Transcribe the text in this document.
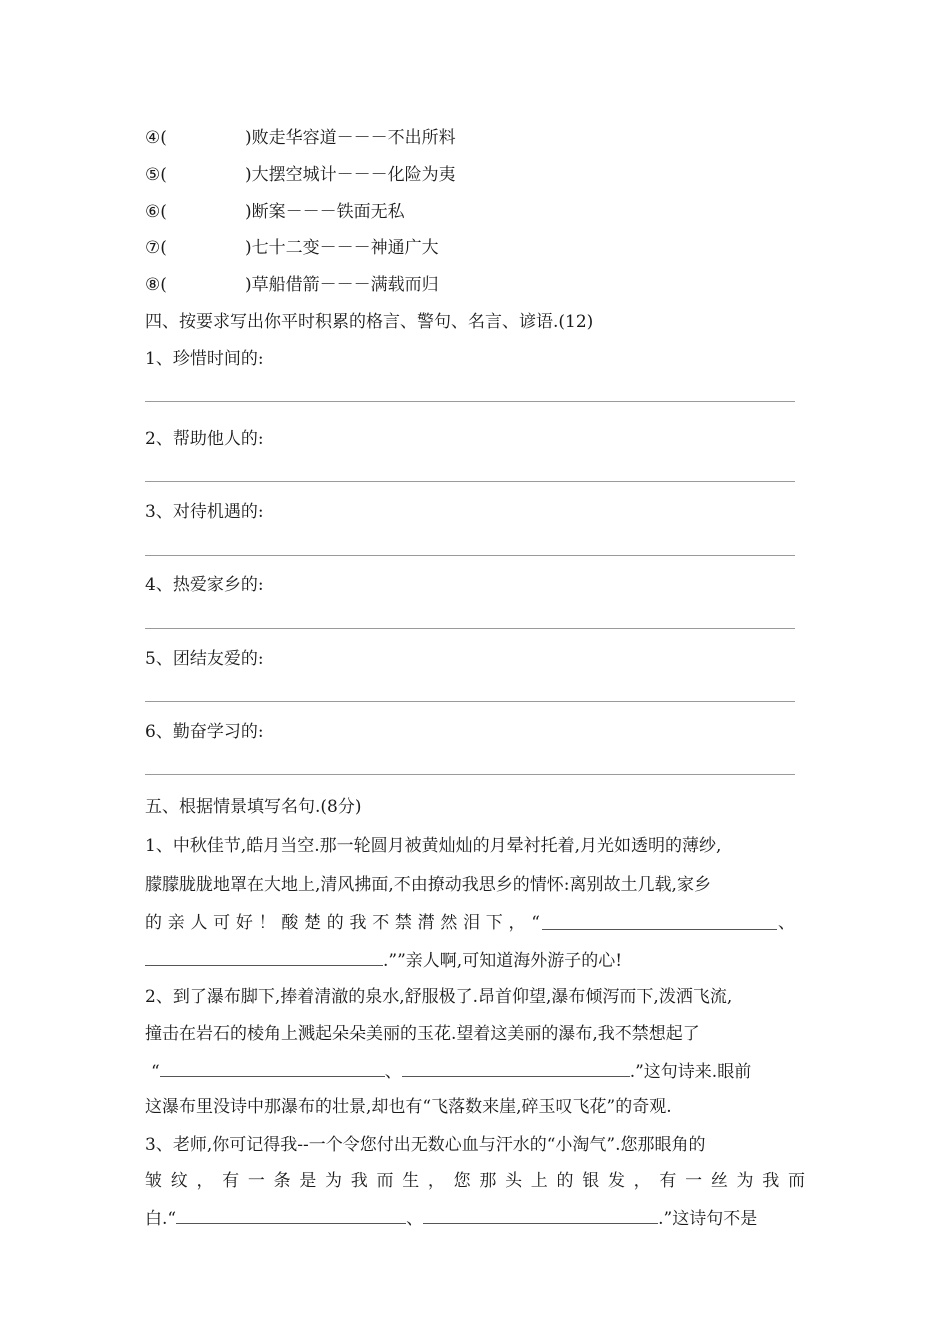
④(	)败走华容道－－－不出所料
⑤(	)大摆空城计－－－化险为夷
⑥(	)断案－－－铁面无私
⑦(	)七十二变－－－神通广大
⑧(	)草船借箭－－－满载而归
四、按要求写出你平时积累的格言、警句、名言、谚语.(12)
1、珍惜时间的:
2、帮助他人的:
3、对待机遇的:
4、热爱家乡的:
5、团结友爱的:
6、勤奋学习的:
五、根据情景填写名句.(8分)
1、中秋佳节,皓月当空.那一轮圆月被黄灿灿的月晕衬托着,月光如透明的薄纱,
朦朦胧胧地罩在大地上,清风拂面,不由撩动我思乡的情怀:离别故土几载,家乡
的 亲 人 可 好 ！ 酸 楚 的 我 不 禁 潸 然 泪 下 ， “	、
.””亲人啊,可知道海外游子的心!
2、到了瀑布脚下,捧着清澈的泉水,舒服极了.昂首仰望,瀑布倾泻而下,泼洒飞流,
撞击在岩石的棱角上溅起朵朵美丽的玉花.望着这美丽的瀑布,我不禁想起了
“	、	.”这句诗来.眼前
这瀑布里没诗中那瀑布的壮景,却也有“飞落数来崖,碎玉叹飞花”的奇观.
3、老师,你可记得我--一个令您付出无数心血与汗水的“小淘气”.您那眼角的
皱 纹 ， 有 一 条 是 为 我 而 生 ， 您 那 头 上 的 银 发 ， 有 一 丝 为 我 而
白.“	、	.”这诗句不是
